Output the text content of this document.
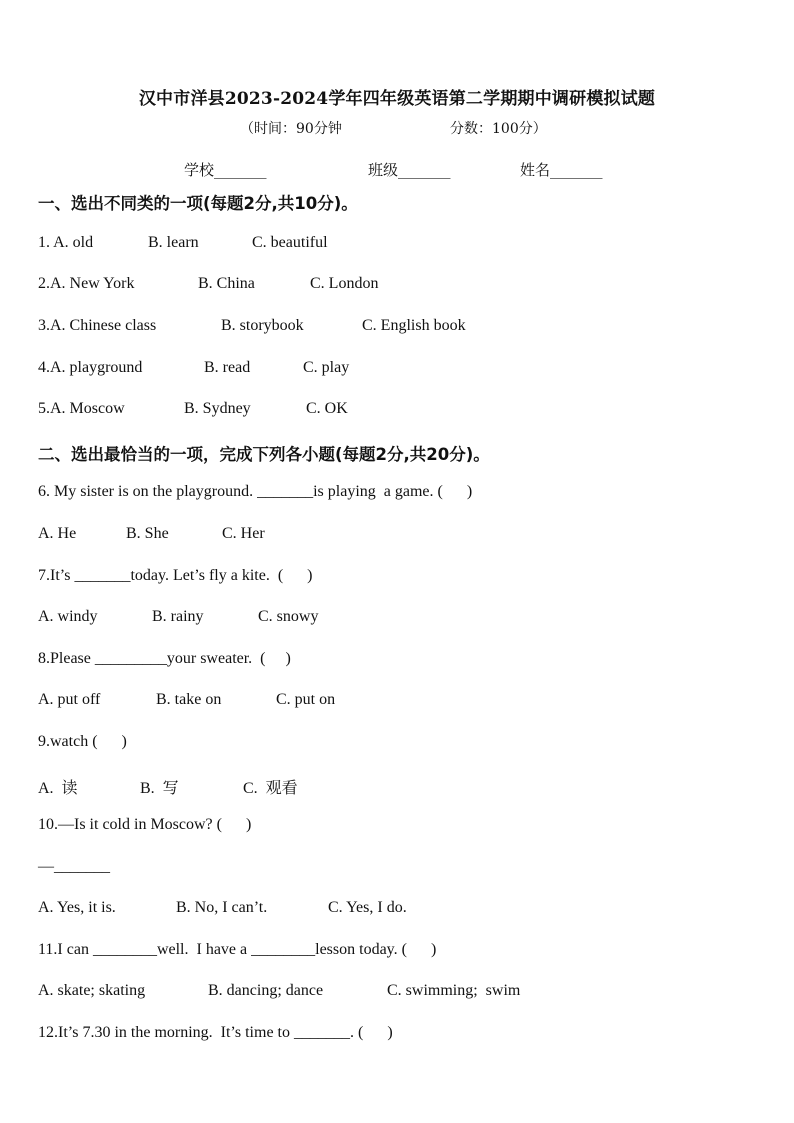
汉中市洋县2023-2024学年四年级英语第二学期期中调研模拟试题
（时间：90分钟	分数：100分）
学校_______	班级_______	姓名_______
一、选出不同类的一项(每题2分,共10分)。

1. A. old

	B. learn

	C. beautiful

2.A. New York

	B. China

	C. London

3.A. Chinese class

	B. storybook

	C. English book

4.A. playground

	B. read

	C. play

5.A. Moscow

	B. Sydney

	C. OK

二、选出最恰当的一项，完成下列各小题(每题2分,共20分)。
6. My sister is on the playground. _______is playing  a game. (      )

A. He

	B. She

	C. Her

7.It’s _______today. Let’s fly a kite.  (      )

A. windy

	B. rainy

	C. snowy

8.Please _________your sweater.  (     )

A. put off

	B. take on

	C. put on

9.watch (      )

A.  读

	B.  写

	C.  观看

10.—Is it cold in Moscow? (      )
—_______

A. Yes, it is.

	B. No, I can’t.

	C. Yes, I do.

11.I can ________well.  I have a ________lesson today. (      )

A. skate; skating

	B. dancing; dance

	C. swimming;  swim

12.It’s 7.30 in the morning.  It’s time to _______. (      )
